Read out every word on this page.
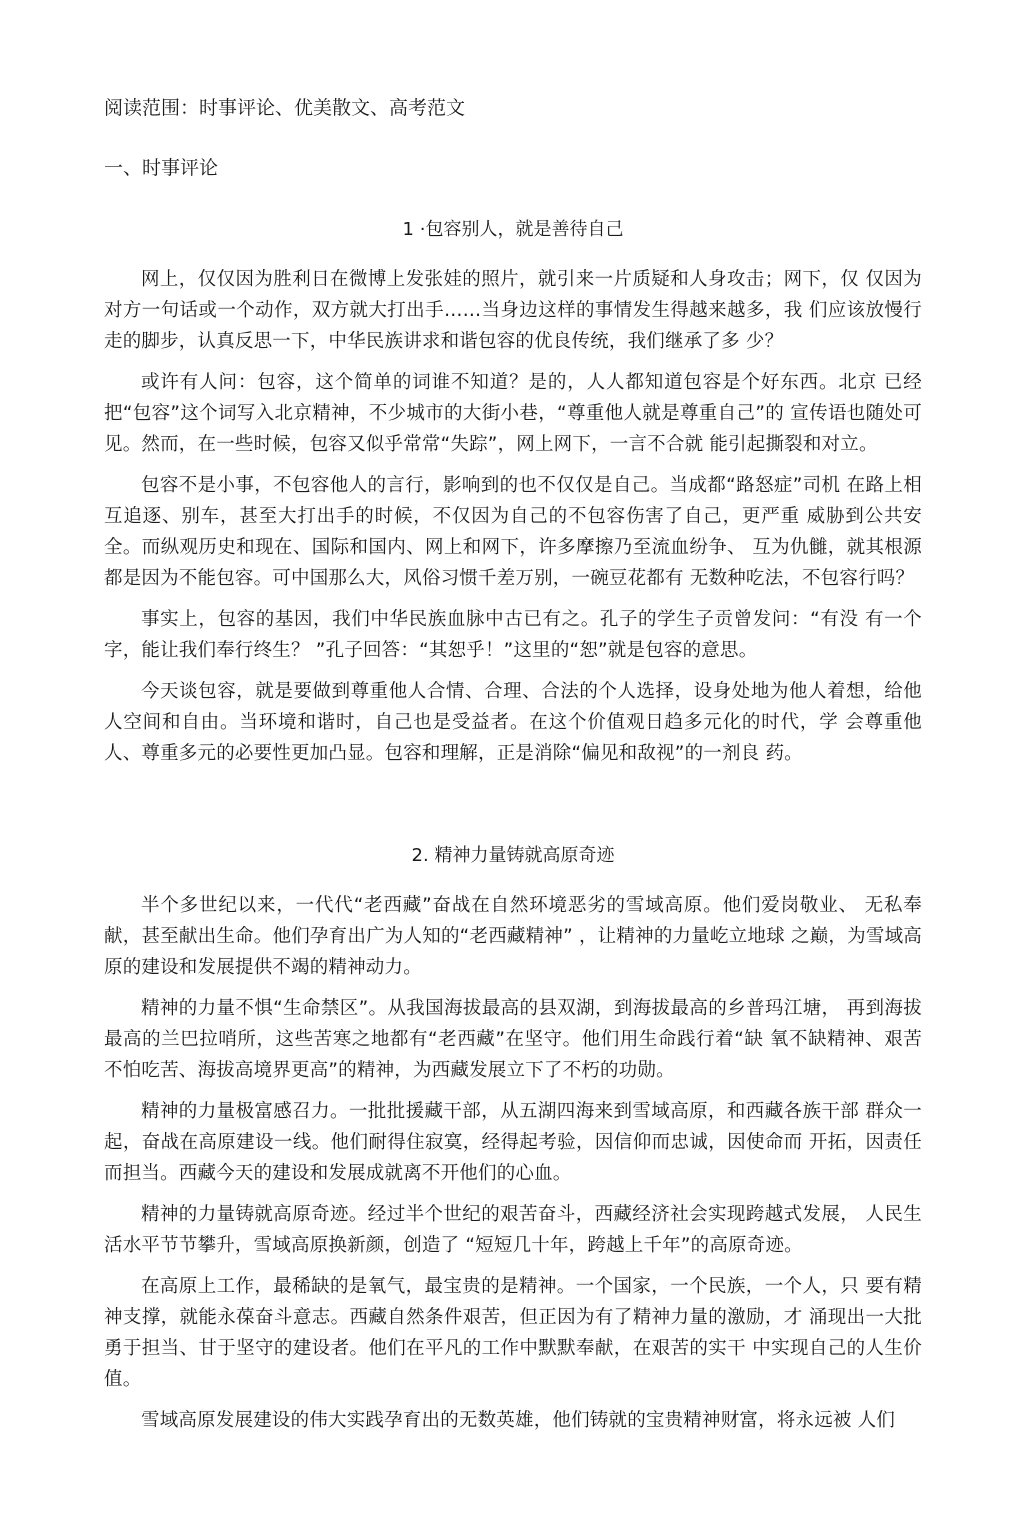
阅读范围：时事评论、优美散文、高考范文
一、时事评论

1 ·包容别人，就是善待自己

网上，仅仅因为胜利日在微博上发张娃的照片，就引来一片质疑和人身攻击；网下，仅 仅因为对方一句话或一个动作，双方就大打出手……当身边这样的事情发生得越来越多，我 们应该放慢行走的脚步，认真反思一下，中华民族讲求和谐包容的优良传统，我们继承了多 少？

或许有人问：包容，这个简单的词谁不知道？是的，人人都知道包容是个好东西。北京 已经把“包容”这个词写入北京精神，不少城市的大街小巷，“尊重他人就是尊重自己”的 宣传语也随处可见。然而，在一些时候，包容又似乎常常“失踪”，网上网下，一言不合就 能引起撕裂和对立。

包容不是小事，不包容他人的言行，影响到的也不仅仅是自己。当成都“路怒症”司机 在路上相互追逐、别车，甚至大打出手的时候，不仅因为自己的不包容伤害了自己，更严重 威胁到公共安全。而纵观历史和现在、国际和国内、网上和网下，许多摩擦乃至流血纷争、 互为仇雠，就其根源都是因为不能包容。可中国那么大，风俗习惯千差万别，一碗豆花都有 无数种吃法，不包容行吗？

事实上，包容的基因，我们中华民族血脉中古已有之。孔子的学生子贡曾发问：“有没 有一个字，能让我们奉行终生？ ”孔子回答：“其恕乎！”这里的“恕”就是包容的意思。

今天谈包容，就是要做到尊重他人合情、合理、合法的个人选择，设身处地为他人着想，给他人空间和自由。当环境和谐时，自己也是受益者。在这个价值观日趋多元化的时代，学 会尊重他人、尊重多元的必要性更加凸显。包容和理解，正是消除“偏见和敌视”的一剂良 药。

2. 精神力量铸就高原奇迹

半个多世纪以来，一代代“老西藏”奋战在自然环境恶劣的雪域高原。他们爱岗敬业、 无私奉献，甚至献出生命。他们孕育出广为人知的“老西藏精神” ，让精神的力量屹立地球 之巅，为雪域高原的建设和发展提供不竭的精神动力。

精神的力量不惧“生命禁区”。从我国海拔最高的县双湖，到海拔最高的乡普玛江塘， 再到海拔最高的兰巴拉哨所，这些苦寒之地都有“老西藏”在坚守。他们用生命践行着“缺 氧不缺精神、艰苦不怕吃苦、海拔高境界更高”的精神，为西藏发展立下了不朽的功勋。

精神的力量极富感召力。一批批援藏干部，从五湖四海来到雪域高原，和西藏各族干部 群众一起，奋战在高原建设一线。他们耐得住寂寞，经得起考验，因信仰而忠诚，因使命而 开拓，因责任而担当。西藏今天的建设和发展成就离不开他们的心血。

精神的力量铸就高原奇迹。经过半个世纪的艰苦奋斗，西藏经济社会实现跨越式发展， 人民生活水平节节攀升，雪域高原换新颜，创造了 “短短几十年，跨越上千年”的高原奇迹。

在高原上工作，最稀缺的是氧气，最宝贵的是精神。一个国家，一个民族，一个人，只 要有精神支撑，就能永葆奋斗意志。西藏自然条件艰苦，但正因为有了精神力量的激励，才 涌现出一大批勇于担当、甘于坚守的建设者。他们在平凡的工作中默默奉献，在艰苦的实干 中实现自己的人生价值。

雪域高原发展建设的伟大实践孕育出的无数英雄，他们铸就的宝贵精神财富，将永远被 人们
